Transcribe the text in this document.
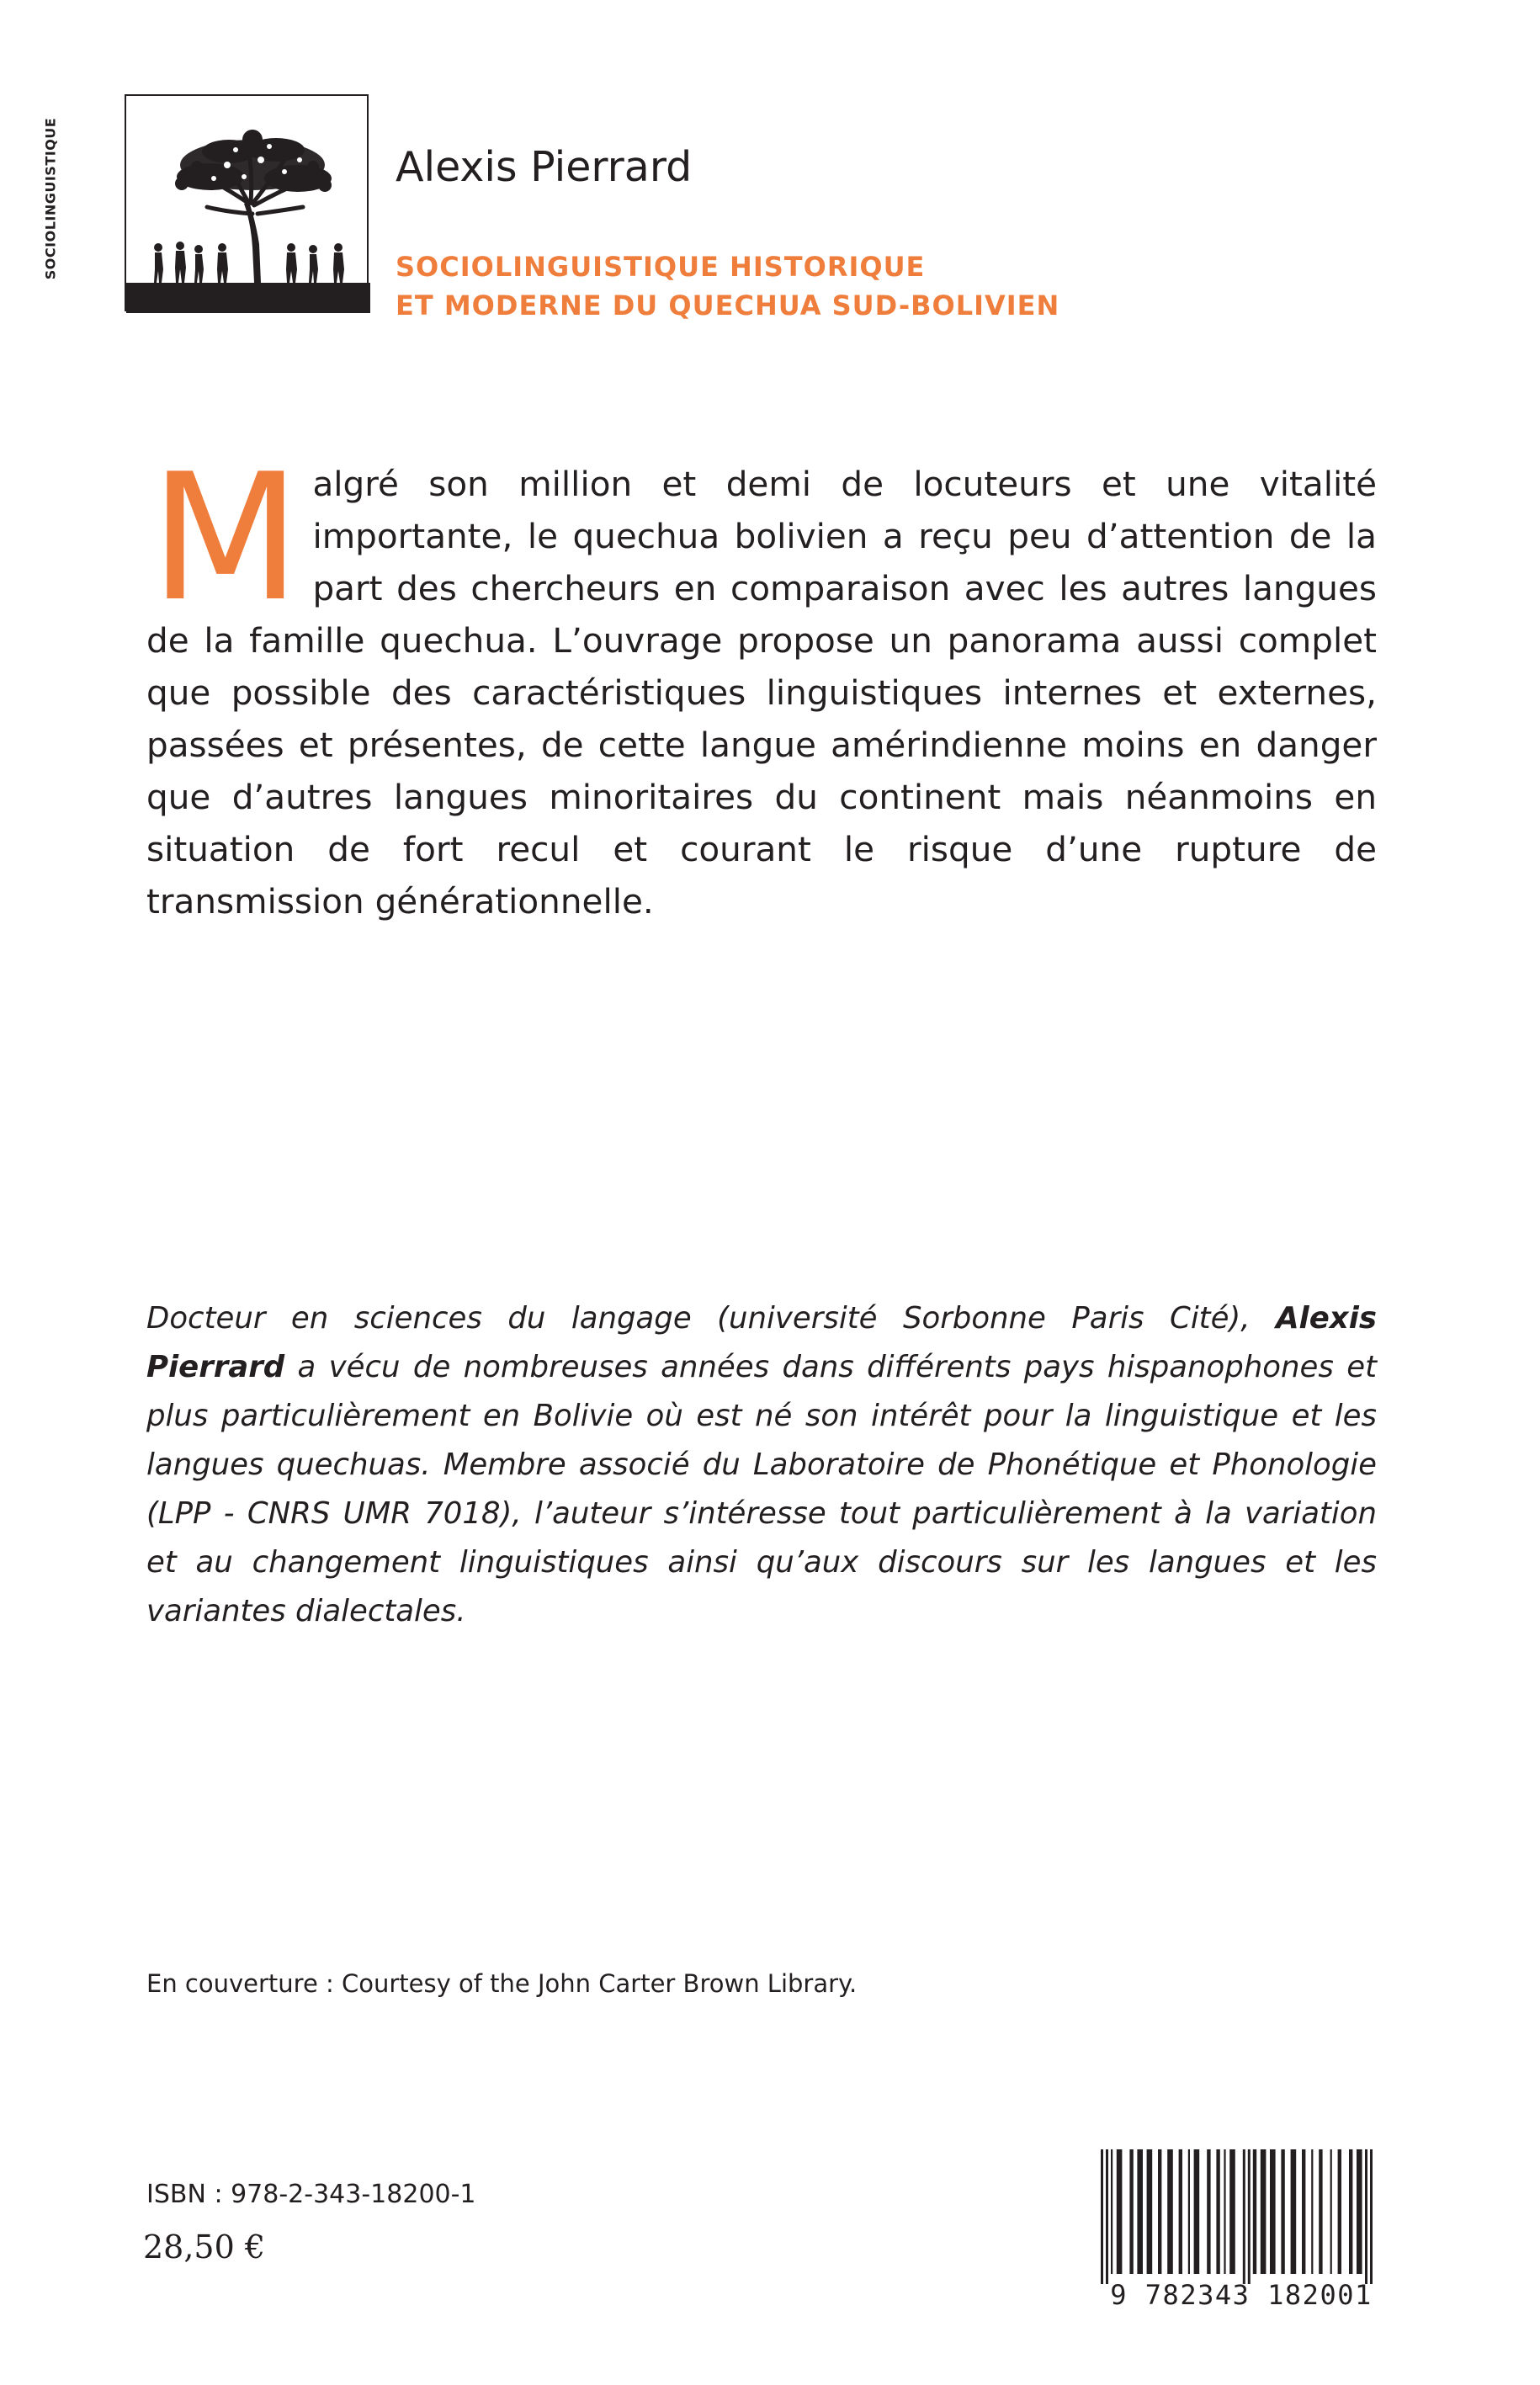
SOCIOLINGUISTIQUE	Alexis Pierrard
SOCIOLINGUISTIQUE HISTORIQUE
ET MODERNE DU QUECHUA SUD-BOLIVIEN
Malgré son million et demi de locuteurs et une vitalité importante, le quechua bolivien a reçu peu d’attention de la part des chercheurs en comparaison avec les autres langues de la famille quechua. L’ouvrage propose un panorama aussi complet que possible des caractéristiques linguistiques internes et externes, passées et présentes, de cette langue amérindienne moins en danger que d’autres langues minoritaires du continent mais néanmoins en situation de fort recul et courant le risque d’une rupture de transmission générationnelle.
Docteur en sciences du langage (université Sorbonne Paris Cité), Alexis Pierrard a vécu de nombreuses années dans différents pays hispanophones et plus particulièrement en Bolivie où est né son intérêt pour la linguistique et les langues quechuas. Membre associé du Laboratoire de Phonétique et Phonologie (LPP - CNRS UMR 7018), l’auteur s’intéresse tout particulièrement à la variation et au changement linguistiques ainsi qu’aux discours sur les langues et les variantes dialectales.
En couverture : Courtesy of the John Carter Brown Library.
ISBN : 978-2-343-18200-1
28,50 €
9 782343 182001
